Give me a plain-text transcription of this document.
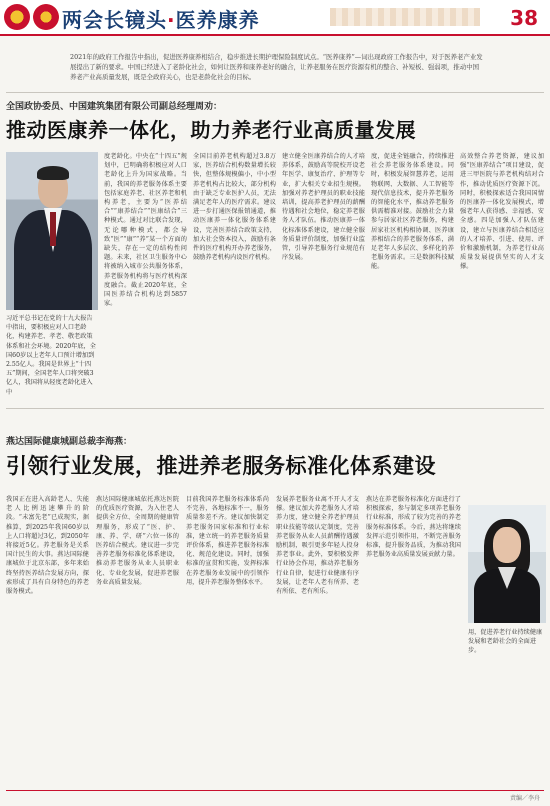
两会长镜头·医养康养	38
2021年的政府工作报告中指出，促进医养康养相结合，稳步推进长期护理保险制度试点。“医养康养”—词出现政府工作报告中，对于医养老产业发展提出了新的要求。中国已经进入了老龄化社会，如何让医养和康养老好的融合，让养老服务在医疗资源有机的整合、补短板、强弱项，推动中国养老产业高质量发展，既是全政府关心，也是老龄化社会的目标。
全国政协委员、中国建筑集团有限公司副总经理周劝：
推动医康养一体化，助力养老行业高质量发展
习近平总书记在党的十九大报告中指出，要积极应对人口老龄化，构建养老、孝老、敬老政策体系和社会环境。2020年底，全国60岁以上老年人口预计增加到2.55亿人。我国是世界上“十四五”期间，全国老年人口将突破3亿人，我国将从轻度老龄化进入中
度老龄化。中央在“十四五”规划中，已明确将积极应对人口老龄化上升为国家战略。当前，我国的养老服务体系主要包括家庭养老、社区养老和机构养老，主要为“医养结合”“康养结合”“医康结合”三种模式。通过对比联合发现，无论哪种模式，都会导致“医”“康”“养”某一个方面的缺失，存在一定的结构性问题。未来，社区卫生服务中心将被纳入城市公共服务体系，养老服务机构将与医疗机构深度融合。截止2020年底，全国医养结合机构达到5857家。
全国目前养老机构超过3.8万家，医养结合机构数量增长较快，但整体规模偏小，中小型养老机构占比较大，部分机构由于缺乏专业医护人员，无法满足老年人的医疗需求。建议进一步打通医保报销通道，推动医康养一体化服务体系建设，完善医养结合政策支持，加大社会资本投入，鼓励有条件的医疗机构开办养老服务，鼓励养老机构内设医疗机构。
建立健全医康养结合的人才培养体系，鼓励高等院校开设老年医学、康复治疗、护理等专业，扩大相关专业招生规模。加强对养老护理员的职业技能培训，提高养老护理员的薪酬待遇和社会地位，稳定养老服务人才队伍。推动医康养一体化标准体系建设，建立健全服务质量评价制度，加强行业监管，引导养老服务行业规范有序发展。
度，促进全链融合，持续推进社会养老服务体系建设。同时，积极发展智慧养老，运用物联网、大数据、人工智能等现代信息技术，提升养老服务的智能化水平，推动养老服务供需精准对接。鼓励社会力量参与居家社区养老服务，构建居家社区机构相协调、医养康养相结合的养老服务体系，满足老年人多层次、多样化的养老服务需求。三是数据科技赋能。
高效整合养老资源，建议加强“医康养结合”项目建设，促进三甲医院与养老机构结对合作，推动优质医疗资源下沉。同时，积极探索适合我国国情的医康养一体化发展模式，增强老年人获得感、幸福感、安全感。四是加强人才队伍建设，建立与医康养结合相适应的人才培养、引进、使用、评价和激励机制，为养老行业高质量发展提供坚实的人才支撑。
燕达国际健康城副总裁李海燕：
引领行业发展，推进养老服务标准化体系建设
我国正在进入高龄老人、失能老人比例迅速攀升的阶段。“未富先老”已成现实，据推算，到2025年我国60岁以上人口将超过3亿，到2050年将接近5亿。养老服务是关系国计民生的大事。燕达国际健康城位于北京东部，多年来始终坚持医养结合发展方向，探索形成了具有自身特色的养老服务模式。
燕达国际健康城依托燕达医院的优质医疗资源，为入住老人提供全方位、全周期的健康管理服务，形成了“医、护、康、养、学、研”六位一体的医养结合模式。建议进一步完善养老服务标准化体系建设，推动养老服务从业人员职业化、专业化发展，促进养老服务业高质量发展。
目前我国养老服务标准体系尚不完善，各地标准不一，服务质量参差不齐。建议加快制定养老服务国家标准和行业标准，建立统一的养老服务质量评价体系，推进养老服务标准化、规范化建设。同时，加强标准的宣贯和实施，发挥标准在养老服务业发展中的引领作用，提升养老服务整体水平。
发展养老服务业离不开人才支撑。建议加大养老服务人才培养力度，建立健全养老护理员职业技能等级认定制度，完善养老服务从业人员薪酬待遇激励机制，吸引更多年轻人投身养老事业。此外，要积极发挥行业协会作用，推动养老服务行业自律，促进行业健康有序发展，让老年人老有所养、老有所依、老有所乐。
燕达在养老服务标准化方面进行了积极探索，参与制定多项养老服务行业标准，形成了较为完善的养老服务标准体系。今后，燕达将继续发挥示范引领作用，不断完善服务标准，提升服务品质，为推动我国养老服务业高质量发展贡献力量。
用，促进养老行业持续健康发展和老龄社会的全面进步。
责编／李舟
